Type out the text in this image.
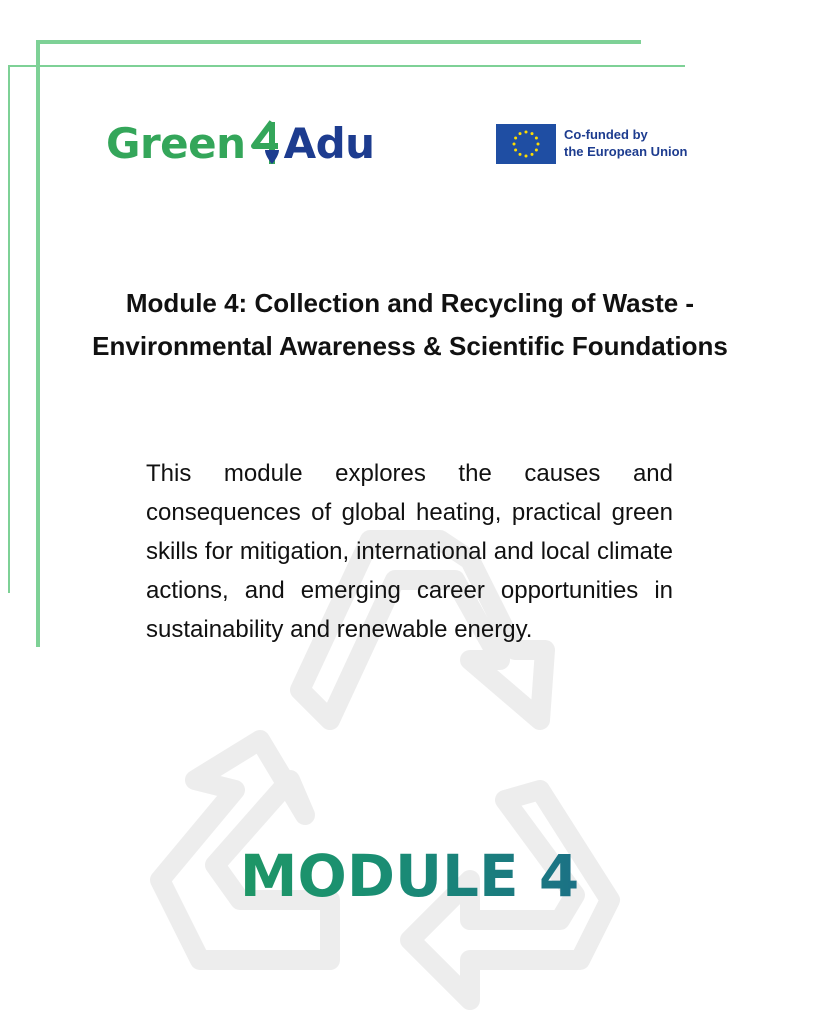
Green Adu	Co-funded by
the European Union
Module 4: Collection and Recycling of Waste - Environmental Awareness & Scientific Foundations
This module explores the causes and consequences of global heating, practical green skills for mitigation, international and local climate actions, and emerging career opportunities in sustainability and renewable energy.
MODULE 4
